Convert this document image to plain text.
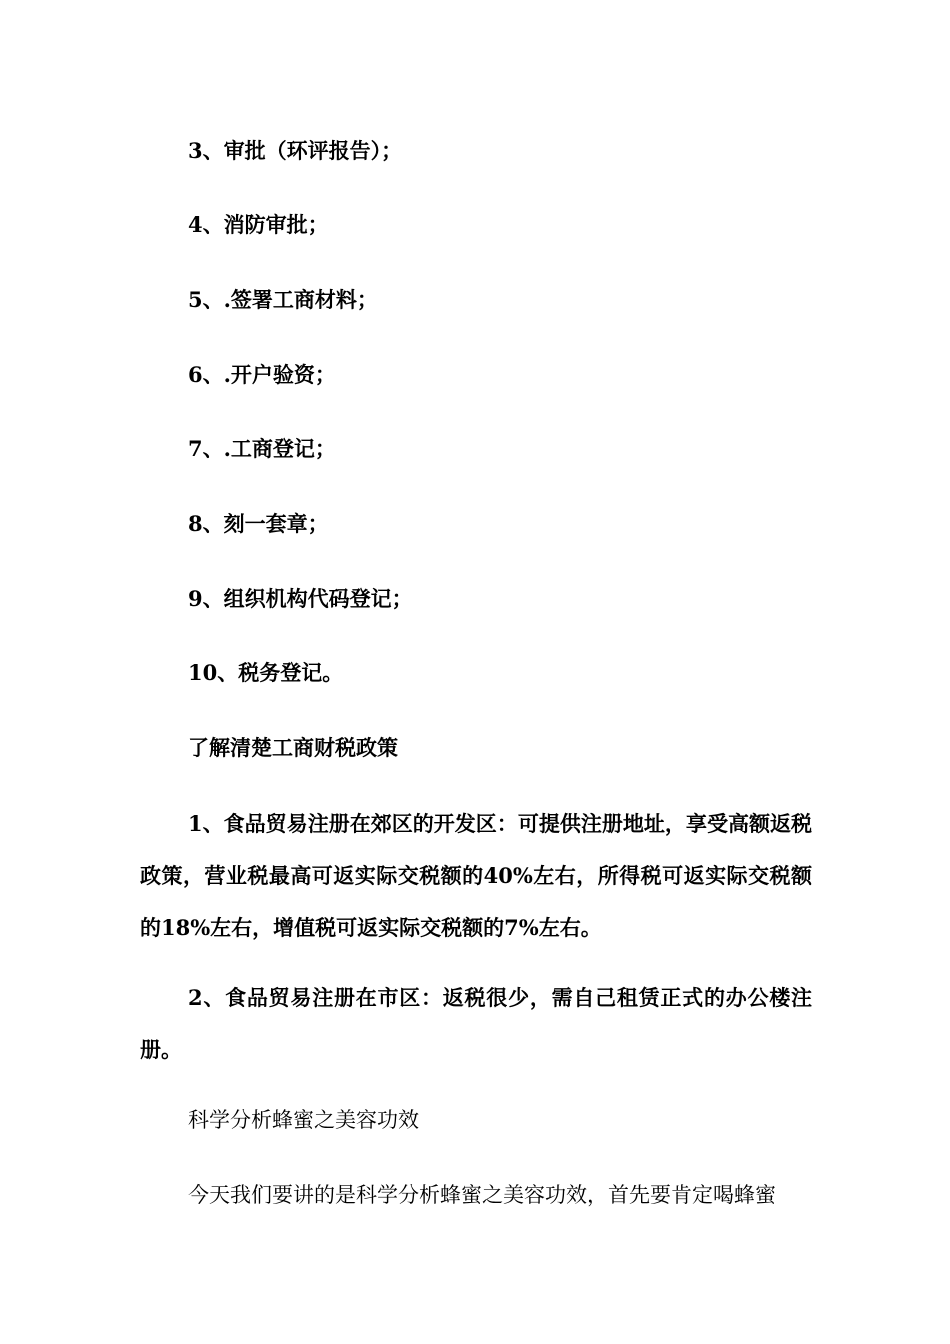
3、审批（环评报告）；

4、消防审批；

5、.签署工商材料；

6、.开户验资；

7、.工商登记；

8、刻一套章；

9、组织机构代码登记；

10、税务登记。

了解清楚工商财税政策

1、食品贸易注册在郊区的开发区：可提供注册地址，享受高额返税政策，营业税最高可返实际交税额的40%左右，所得税可返实际交税额的18%左右，增值税可返实际交税额的7%左右。

2、食品贸易注册在市区：返税很少，需自己租赁正式的办公楼注册。

科学分析蜂蜜之美容功效

今天我们要讲的是科学分析蜂蜜之美容功效，首先要肯定喝蜂蜜
